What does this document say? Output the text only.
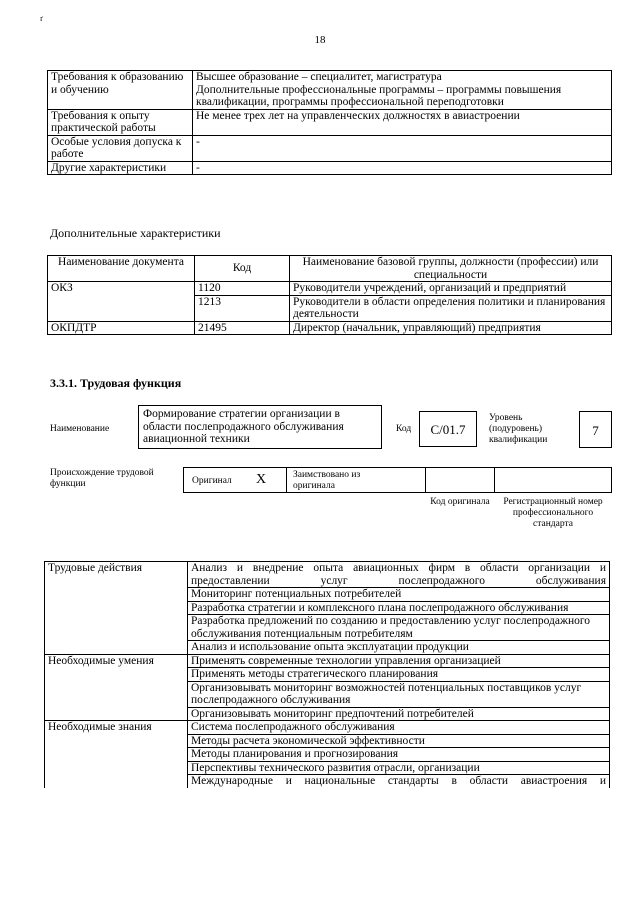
ґ
18
Требования к образованию и обучению	Высшее образование – специалитет, магистратура
Дополнительные профессиональные программы – программы повышения квалификации, программы профессиональной переподготовки

Требования к опыту практической работы	Не менее трех лет на управленческих должностях в авиастроении
Особые условия допуска к работе	-
Другие характеристики	-
Дополнительные характеристики
Наименование документа	Код	Наименование базовой группы, должности (профессии) или специальности
ОКЗ	1120	Руководители учреждений, организаций и предприятий
	1213	Руководители в области определения политики и планирования деятельности
ОКПДТР	21495	Директор (начальник, управляющий) предприятия
3.3.1. Трудовая функция
Наименование
Формирование стратегии организации в области послепродажного обслуживания авиационной техники
Код	C/01.7
Уровень (подуровень) квалификации
7
Происхождение трудовой функции	Оригинал X	Заимствовано из оригинала
Код оригинала	Регистрационный номер профессионального стандарта
Трудовые действия	Анализ и внедрение опыта авиационных фирм в области организации и предоставлении услуг послепродажного обслуживания
	Мониторинг потенциальных потребителей
	Разработка стратегии и комплексного плана послепродажного обслуживания
	Разработка предложений по созданию и предоставлению услуг послепродажного обслуживания потенциальным потребителям
	Анализ и использование опыта эксплуатации продукции
Необходимые умения	Применять современные технологии управления организацией
	Применять методы стратегического планирования
	Организовывать мониторинг возможностей потенциальных поставщиков услуг послепродажного обслуживания
	Организовывать мониторинг предпочтений потребителей
Необходимые знания	Система послепродажного обслуживания
	Методы расчета экономической эффективности
	Методы планирования и прогнозирования
	Перспективы технического развития отрасли, организации
	Международные и национальные стандарты в области авиастроения и
